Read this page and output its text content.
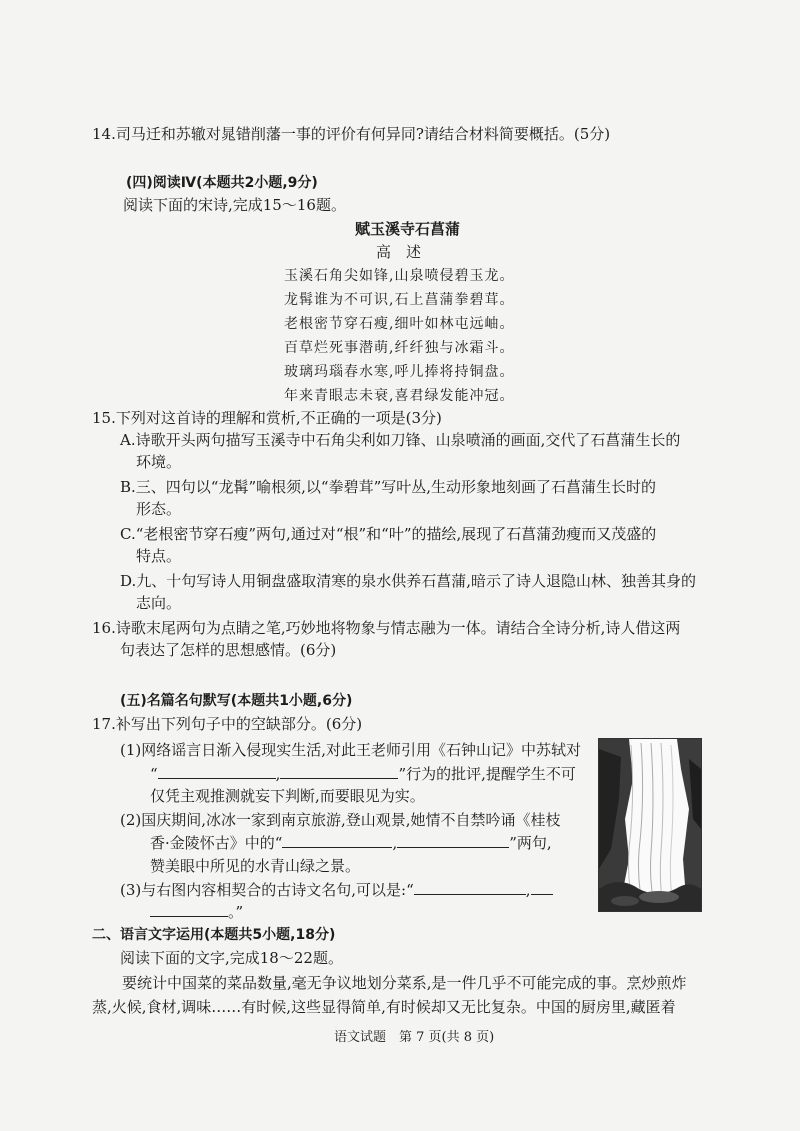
14.司马迁和苏辙对晁错削藩一事的评价有何异同?请结合材料简要概括。(5分)
(四)阅读Ⅳ(本题共2小题,9分)
阅读下面的宋诗,完成15～16题。
赋玉溪寺石菖蒲
高　述
玉溪石角尖如锋,山泉喷侵碧玉龙。
龙髯谁为不可识,石上菖蒲拳碧茸。
老根密节穿石瘦,细叶如林屯远岫。
百草烂死事潜萌,纤纤独与冰霜斗。
玻璃玛瑙春水寒,呼儿捧将持铜盘。
年来青眼志未衰,喜君绿发能冲冠。
15.下列对这首诗的理解和赏析,不正确的一项是(3分)
A.诗歌开头两句描写玉溪寺中石角尖利如刀锋、山泉喷涌的画面,交代了石菖蒲生长的
环境。
B.三、四句以“龙髯”喻根须,以“拳碧茸”写叶丛,生动形象地刻画了石菖蒲生长时的
形态。
C.“老根密节穿石瘦”两句,通过对“根”和“叶”的描绘,展现了石菖蒲劲瘦而又茂盛的
特点。
D.九、十句写诗人用铜盘盛取清寒的泉水供养石菖蒲,暗示了诗人退隐山林、独善其身的
志向。
16.诗歌末尾两句为点睛之笔,巧妙地将物象与情志融为一体。请结合全诗分析,诗人借这两
句表达了怎样的思想感情。(6分)
(五)名篇名句默写(本题共1小题,6分)
17.补写出下列句子中的空缺部分。(6分)
(1)网络谣言日渐入侵现实生活,对此王老师引用《石钟山记》中苏轼对
“	,	”行为的批评,提醒学生不可
仅凭主观推测就妄下判断,而要眼见为实。
(2)国庆期间,冰冰一家到南京旅游,登山观景,她情不自禁吟诵《桂枝
香·金陵怀古》中的“	,	”两句,
赞美眼中所见的水青山绿之景。
(3)与右图内容相契合的古诗文名句,可以是:“	,
。”
二、语言文字运用(本题共5小题,18分)
阅读下面的文字,完成18～22题。
要统计中国菜的菜品数量,毫无争议地划分菜系,是一件几乎不可能完成的事。烹炒煎炸
蒸,火候,食材,调味……有时候,这些显得简单,有时候却又无比复杂。中国的厨房里,藏匿着
语文试题　第 7 页(共 8 页)
